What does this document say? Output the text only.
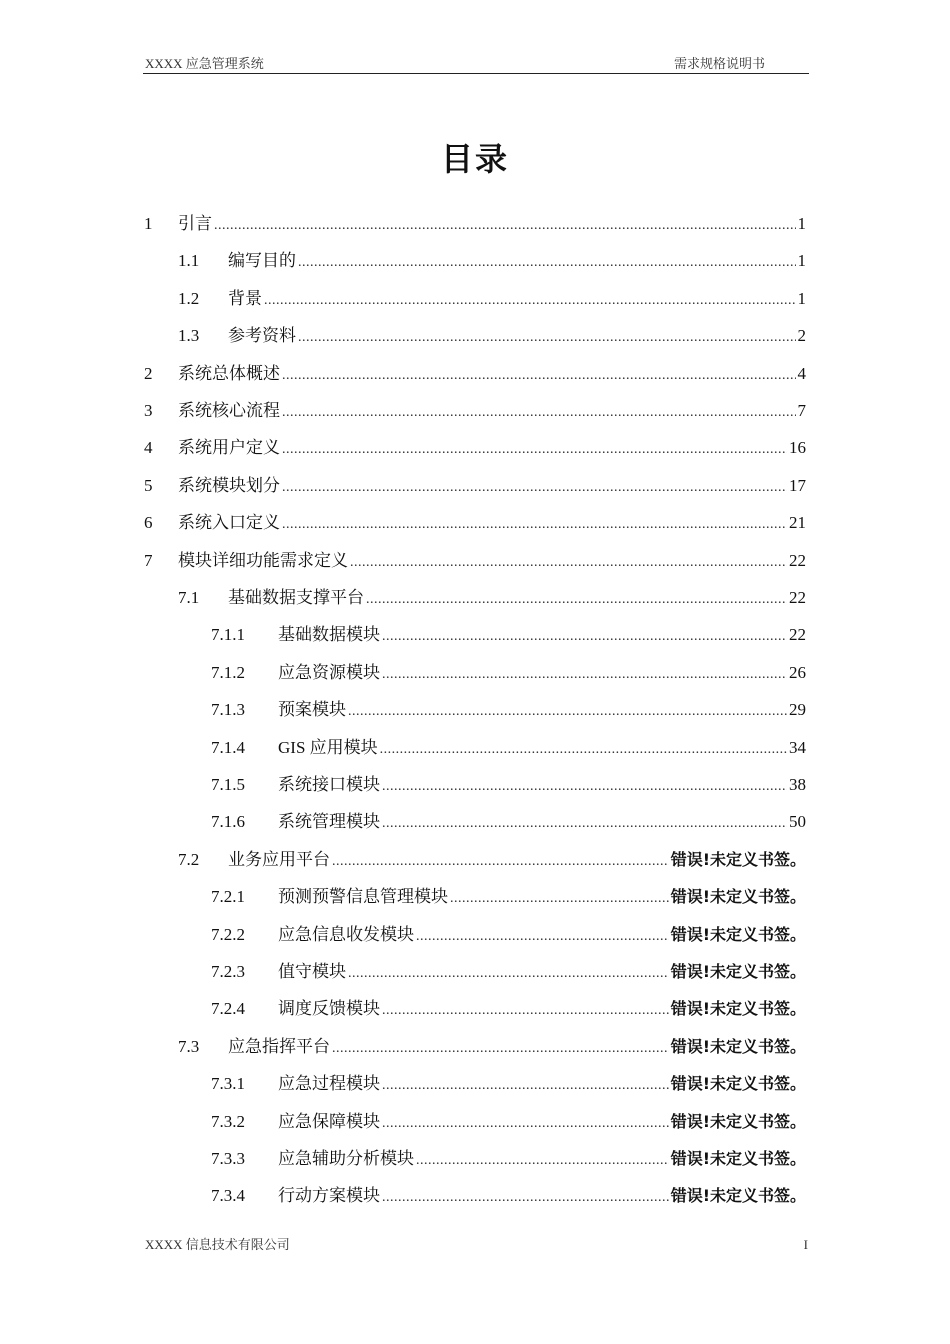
XXXX 应急管理系统	需求规格说明书
目录
1	引言 .....	1
1.1	编写目的 .....	1
1.2	背景 .....	1
1.3	参考资料 .....	2
2	系统总体概述 .....	4
3	系统核心流程 .....	7
4	系统用户定义 .....	16
5	系统模块划分 .....	17
6	系统入口定义 .....	21
7	模块详细功能需求定义 .....	22
7.1	基础数据支撑平台 .....	22
7.1.1	基础数据模块 .....	22
7.1.2	应急资源模块 .....	26
7.1.3	预案模块 .....	29
7.1.4	GIS 应用模块 .....	34
7.1.5	系统接口模块 .....	38
7.1.6	系统管理模块 .....	50
7.2	业务应用平台 .....	错误!未定义书签。
7.2.1	预测预警信息管理模块 .....	错误!未定义书签。
7.2.2	应急信息收发模块 .....	错误!未定义书签。
7.2.3	值守模块 .....	错误!未定义书签。
7.2.4	调度反馈模块 .....	错误!未定义书签。
7.3	应急指挥平台 .....	错误!未定义书签。
7.3.1	应急过程模块 .....	错误!未定义书签。
7.3.2	应急保障模块 .....	错误!未定义书签。
7.3.3	应急辅助分析模块 .....	错误!未定义书签。
7.3.4	行动方案模块 .....	错误!未定义书签。
XXXX 信息技术有限公司	I
